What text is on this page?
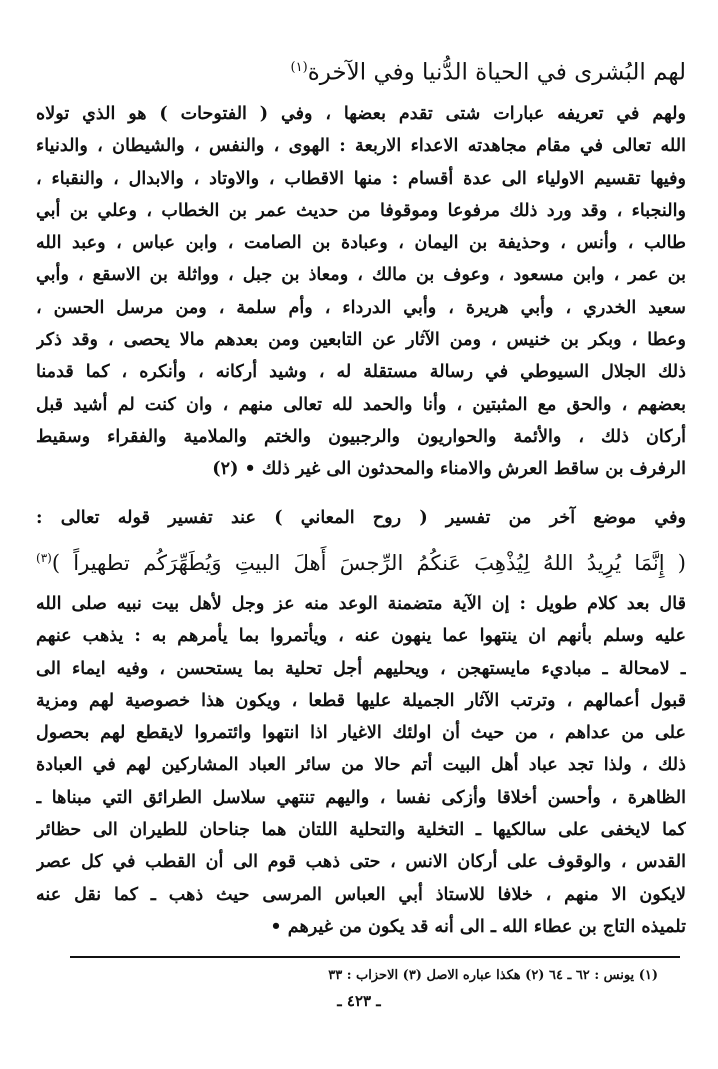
لهم البُشرى في الحياة الدُّنيا وفي الآخرة$^{(١)}$
ولهم في تعريفه عبارات شتى تقدم بعضها ، وفي ( الفتوحات ) هو الذي تولاه
الله تعالى في مقام مجاهدته الاعداء الاربعة : الهوى ، والنفس ، والشيطان ، والدنياء
وفيها تقسيم الاولياء الى عدة أقسام : منها الاقطاب ، والاوتاد ، والابدال ، والنقباء ،
والنجباء ، وقد ورد ذلك مرفوعا وموقوفا من حديث عمر بن الخطاب ، وعلي بن أبي
طالب ، وأنس ، وحذيفة بن اليمان ، وعبادة بن الصامت ، وابن عباس ، وعبد الله
بن عمر ، وابن مسعود ، وعوف بن مالك ، ومعاذ بن جبل ، وواثلة بن الاسقع ، وأبي
سعيد الخدري ، وأبي هريرة ، وأبي الدرداء ، وأم سلمة ، ومن مرسل الحسن ،
وعطا ، وبكر بن خنيس ، ومن الآثار عن التابعين ومن بعدهم مالا يحصى ، وقد ذكر
ذلك الجلال السيوطي في رسالة مستقلة له ، وشيد أركانه ، وأنكره ، كما قدمنا
بعضهم ، والحق مع المثبتين ، وأنا والحمد لله تعالى منهم ، وان كنت لم أشيد قبل
أركان ذلك ، والأئمة والحواريون والرجبيون والختم والملامية والفقراء وسقيط
الرفرف بن ساقط العرش والامناء والمحدثون الى غير ذلك • (٢)
وفي موضع آخر من تفسير ( روح المعاني ) عند تفسير قوله تعالى :
( إِنَّمَا يُرِيدُ اللهُ لِيُذْهِبَ عَنكُمُ الرِّجسَ أَهلَ البيتِ وَيُطَهِّرَكُم تطهيراً )$^{(٣)}$
قال بعد كلام طويل : إن الآية متضمنة الوعد منه عز وجل لأهل بيت نبيه صلى الله
عليه وسلم بأنهم ان ينتهوا عما ينهون عنه ، ويأتمروا بما يأمرهم به : يذهب عنهم
ـ لامحالة ـ مباديء مايستهجن ، ويحليهم أجل تحلية بما يستحسن ، وفيه ايماء الى
قبول أعمالهم ، وترتب الآثار الجميلة عليها قطعا ، ويكون هذا خصوصية لهم ومزية
على من عداهم ، من حيث أن اولئك الاغيار اذا انتهوا وائتمروا لايقطع لهم بحصول
ذلك ، ولذا تجد عباد أهل البيت أتم حالا من سائر العباد المشاركين لهم في العبادة
الظاهرة ، وأحسن أخلاقا وأزكى نفسا ، واليهم تنتهي سلاسل الطرائق التي مبناها ـ
كما لايخفى على سالكيها ـ التخلية والتحلية اللتان هما جناحان للطيران الى حظائر
القدس ، والوقوف على أركان الانس ، حتى ذهب قوم الى أن القطب في كل عصر
لايكون الا منهم ، خلافا للاستاذ أبي العباس المرسى حيث ذهب ـ كما نقل عنه
تلميذه التاج بن عطاء الله ـ الى أنه قد يكون من غيرهم •
(١) يونس : ٦٢ ـ ٦٤ (٢) هكذا عباره الاصل (٣) الاحزاب : ٣٣
ـ ٤٢٣ ـ
